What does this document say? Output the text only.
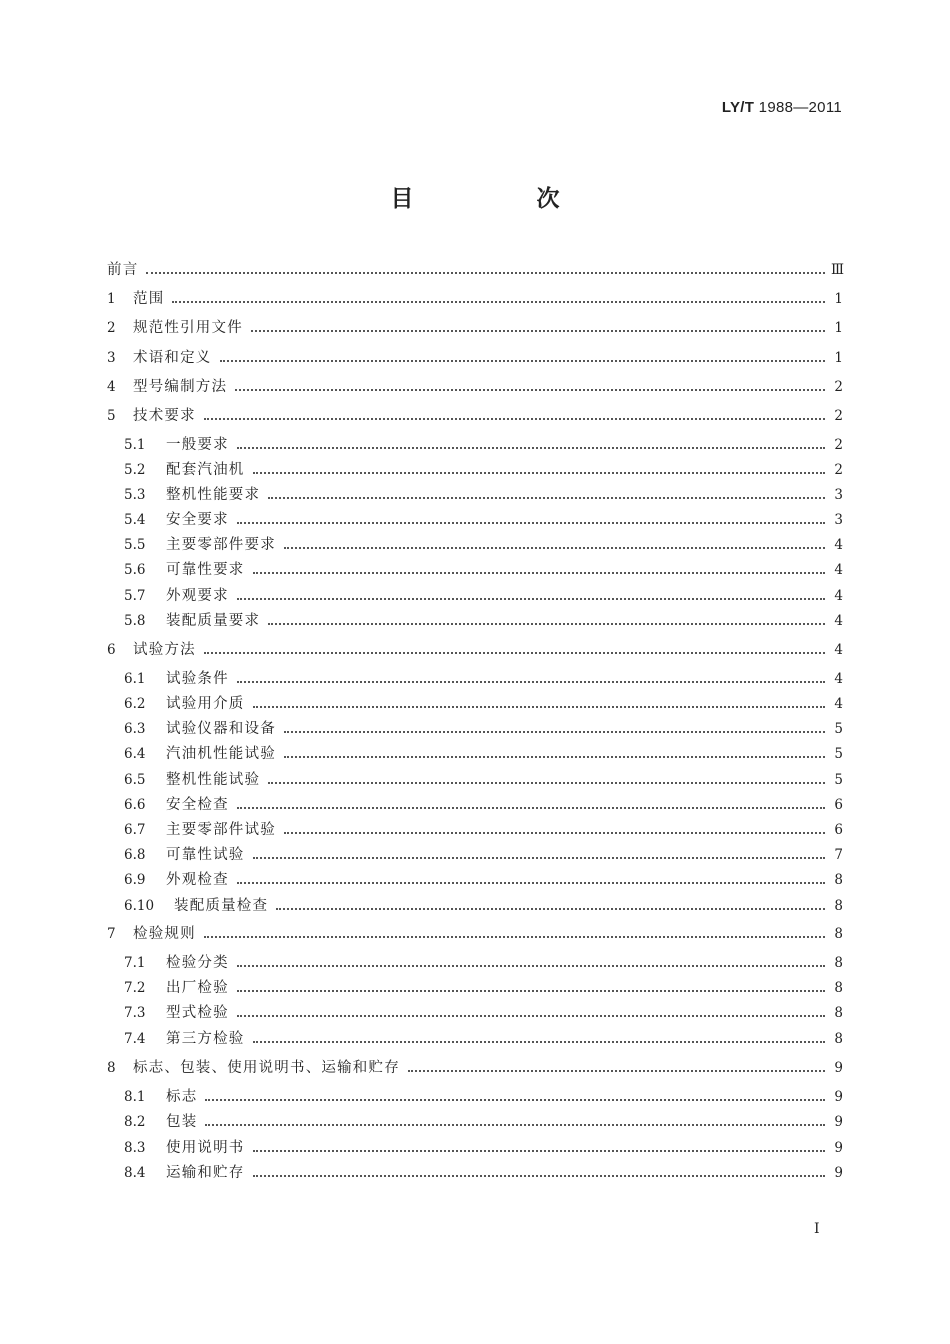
LY/T 1988—2011
目　次
前言	Ⅲ
1	范围	1
2	规范性引用文件	1
3	术语和定义	1
4	型号编制方法	2
5	技术要求	2
5.1	一般要求	2
5.2	配套汽油机	2
5.3	整机性能要求	3
5.4	安全要求	3
5.5	主要零部件要求	4
5.6	可靠性要求	4
5.7	外观要求	4
5.8	装配质量要求	4
6	试验方法	4
6.1	试验条件	4
6.2	试验用介质	4
6.3	试验仪器和设备	5
6.4	汽油机性能试验	5
6.5	整机性能试验	5
6.6	安全检查	6
6.7	主要零部件试验	6
6.8	可靠性试验	7
6.9	外观检查	8
6.10	装配质量检查	8
7	检验规则	8
7.1	检验分类	8
7.2	出厂检验	8
7.3	型式检验	8
7.4	第三方检验	8
8	标志、包装、使用说明书、运输和贮存	9
8.1	标志	9
8.2	包装	9
8.3	使用说明书	9
8.4	运输和贮存	9
Ⅰ
